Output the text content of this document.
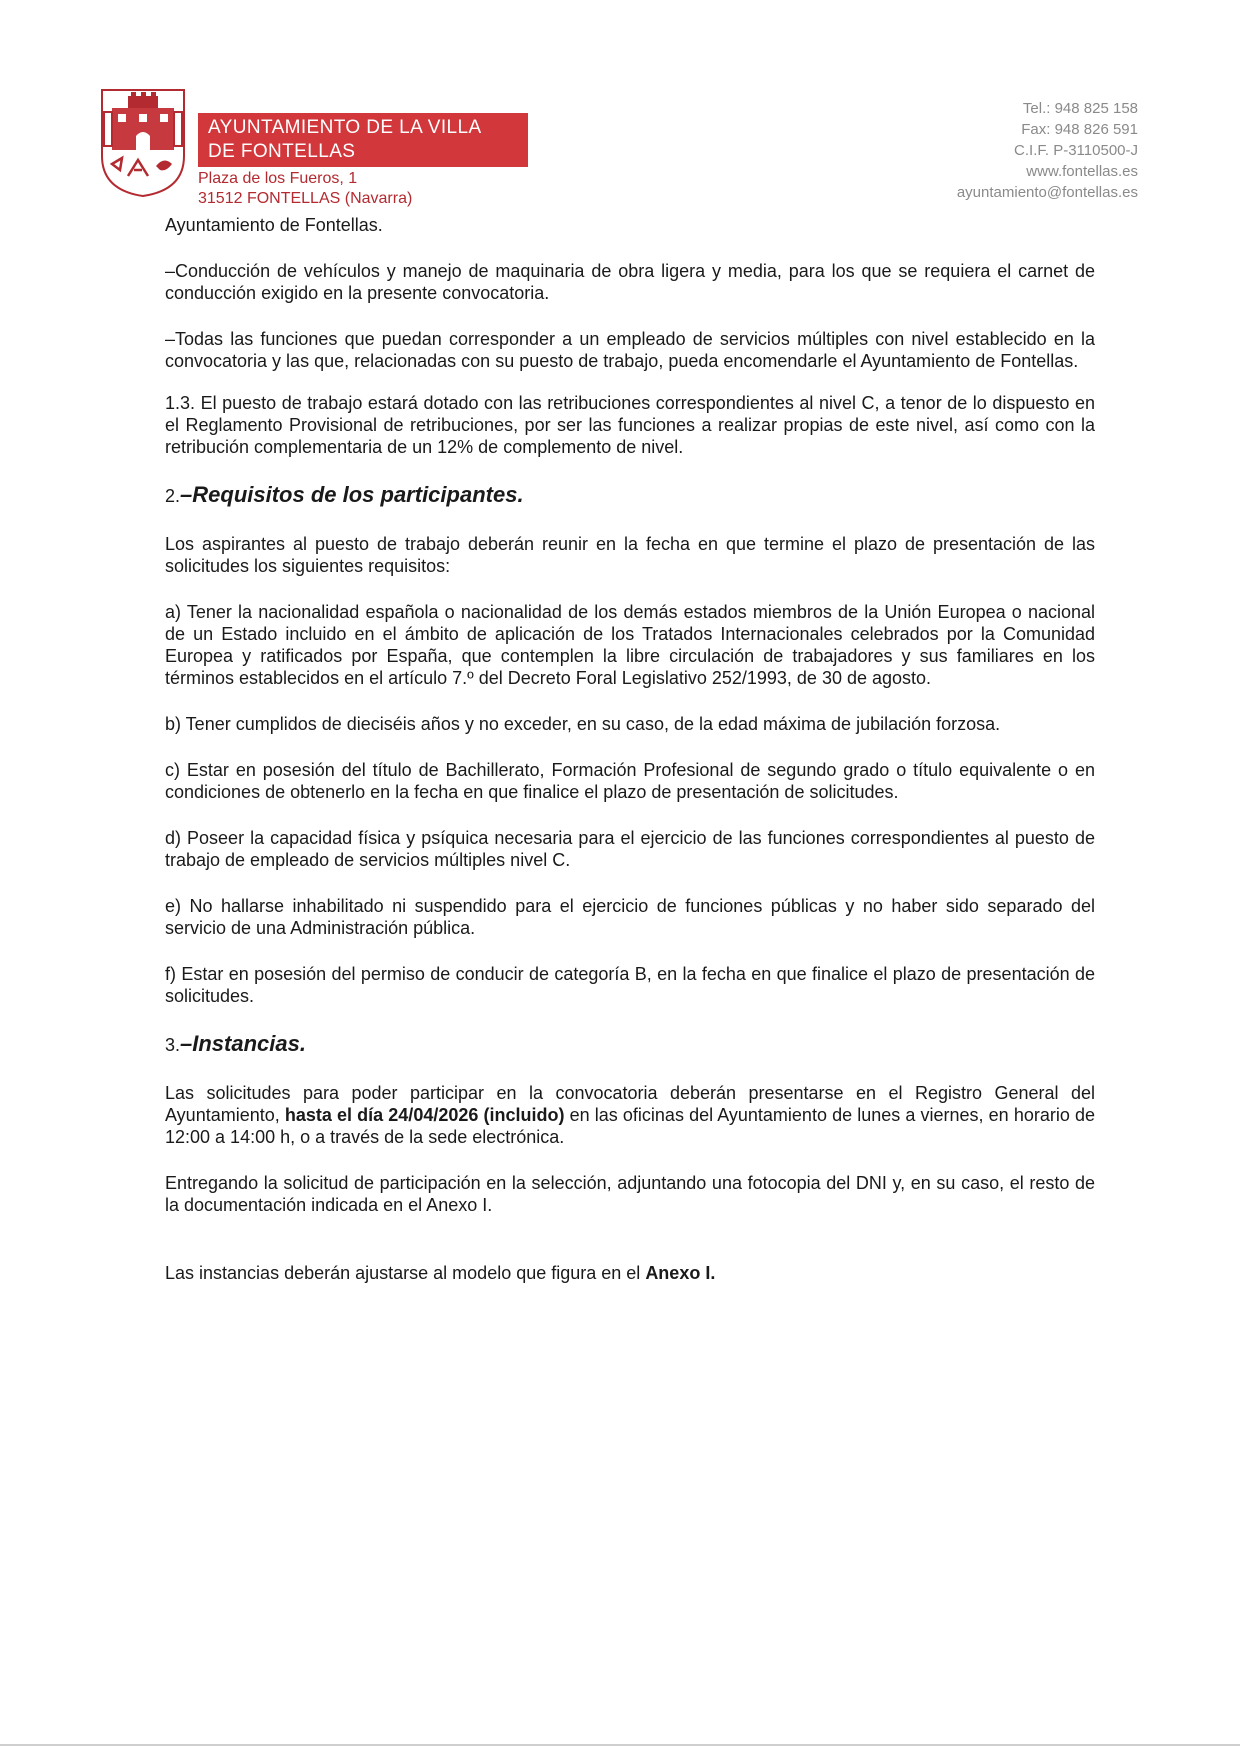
AYUNTAMIENTO DE LA VILLA
DE FONTELLAS
Plaza de los Fueros, 1
31512 FONTELLAS (Navarra)
Tel.: 948 825 158
Fax: 948 826 591
C.I.F. P-3110500-J
www.fontellas.es
ayuntamiento@fontellas.es

Ayuntamiento de Fontellas.

–Conducción de vehículos y manejo de maquinaria de obra ligera y media, para los que se requiera el carnet de conducción exigido en la presente convocatoria.

–Todas las funciones que puedan corresponder a un empleado de servicios múltiples con nivel establecido en la convocatoria y las que, relacionadas con su puesto de trabajo, pueda encomendarle el Ayuntamiento de Fontellas.

1.3. El puesto de trabajo estará dotado con las retribuciones correspondientes al nivel C, a tenor de lo dispuesto en el Reglamento Provisional de retribuciones, por ser las funciones a realizar propias de este nivel, así como con la retribución complementaria de un 12% de complemento de nivel.

2.–Requisitos de los participantes.

Los aspirantes al puesto de trabajo deberán reunir en la fecha en que termine el plazo de presentación de las solicitudes los siguientes requisitos:

a) Tener la nacionalidad española o nacionalidad de los demás estados miembros de la Unión Europea o nacional de un Estado incluido en el ámbito de aplicación de los Tratados Internacionales celebrados por la Comunidad Europea y ratificados por España, que contemplen la libre circulación de trabajadores y sus familiares en los términos establecidos en el artículo 7.º del Decreto Foral Legislativo 252/1993, de 30 de agosto.

b) Tener cumplidos de dieciséis años y no exceder, en su caso, de la edad máxima de jubilación forzosa.

c) Estar en posesión del título de Bachillerato, Formación Profesional de segundo grado o título equivalente o en condiciones de obtenerlo en la fecha en que finalice el plazo de presentación de solicitudes.

d) Poseer la capacidad física y psíquica necesaria para el ejercicio de las funciones correspondientes al puesto de trabajo de empleado de servicios múltiples nivel C.

e) No hallarse inhabilitado ni suspendido para el ejercicio de funciones públicas y no haber sido separado del servicio de una Administración pública.

f) Estar en posesión del permiso de conducir de categoría B, en la fecha en que finalice el plazo de presentación de solicitudes.

3.–Instancias.

Las solicitudes para poder participar en la convocatoria deberán presentarse en el Registro General del Ayuntamiento, hasta el día 24/04/2026 (incluido) en las oficinas del Ayuntamiento de lunes a viernes, en horario de 12:00 a 14:00 h, o a través de la sede electrónica.

Entregando la solicitud de participación en la selección, adjuntando una fotocopia del DNI y, en su caso, el resto de la documentación indicada en el Anexo I.

Las instancias deberán ajustarse al modelo que figura en el Anexo I.
